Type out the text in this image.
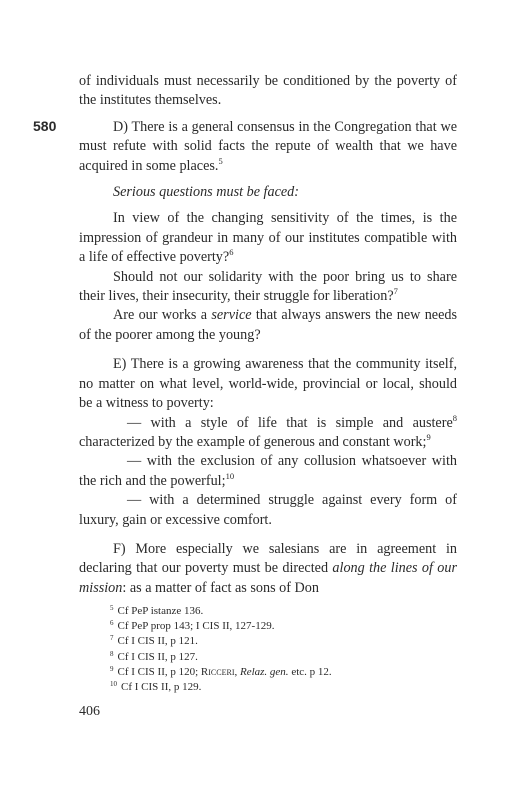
580

of individuals must necessarily be conditioned by the poverty of the institutes themselves.

D) There is a general consensus in the Congregation that we must refute with solid facts the repute of wealth that we have acquired in some places.$^5$

Serious questions must be faced:

In view of the changing sensitivity of the times, is the impression of grandeur in many of our institutes compatible with a life of effective poverty?$^6$

Should not our solidarity with the poor bring us to share their lives, their insecurity, their struggle for liberation?$^7$

Are our works a service that always answers the new needs of the poorer among the young?

E) There is a growing awareness that the community itself, no matter on what level, world-wide, provincial or local, should be a witness to poverty:

— with a style of life that is simple and austere$^8$ characterized by the example of generous and constant work;$^9$

— with the exclusion of any collusion whatsoever with the rich and the powerful;$^{10}$

— with a determined struggle against every form of luxury, gain or excessive comfort.

F) More especially we salesians are in agreement in declaring that our poverty must be directed along the lines of our mission: as a matter of fact as sons of Don

$^5$ Cf PeP istanze 136.

$^6$ Cf PeP prop 143; I CIS II, 127-129.

$^7$ Cf I CIS II, p 121.

$^8$ Cf I CIS II, p 127.

$^9$ Cf I CIS II, p 120; Ricceri, Relaz. gen. etc. p 12.

$^{10}$ Cf I CIS II, p 129.

406
